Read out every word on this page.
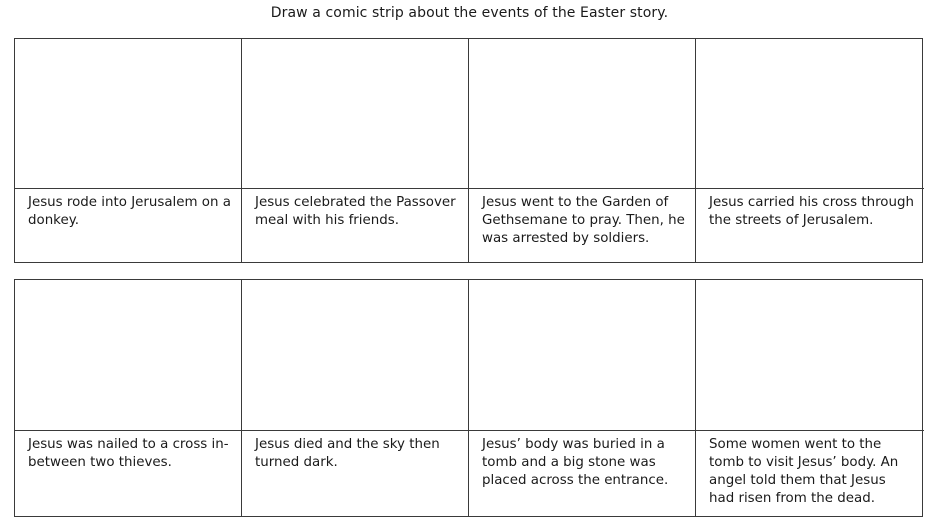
Draw a comic strip about the events of the Easter story.
Jesus rode into Jerusalem on a donkey.
Jesus celebrated the Passover meal with his friends.
Jesus went to the Garden of Gethsemane to pray. Then, he was arrested by soldiers.
Jesus carried his cross through the streets of Jerusalem.
Jesus was nailed to a cross in-between two thieves.
Jesus died and the sky then turned dark.
Jesus’ body was buried in a tomb and a big stone was placed across the entrance.
Some women went to the tomb to visit Jesus’ body. An angel told them that Jesus had risen from the dead.
